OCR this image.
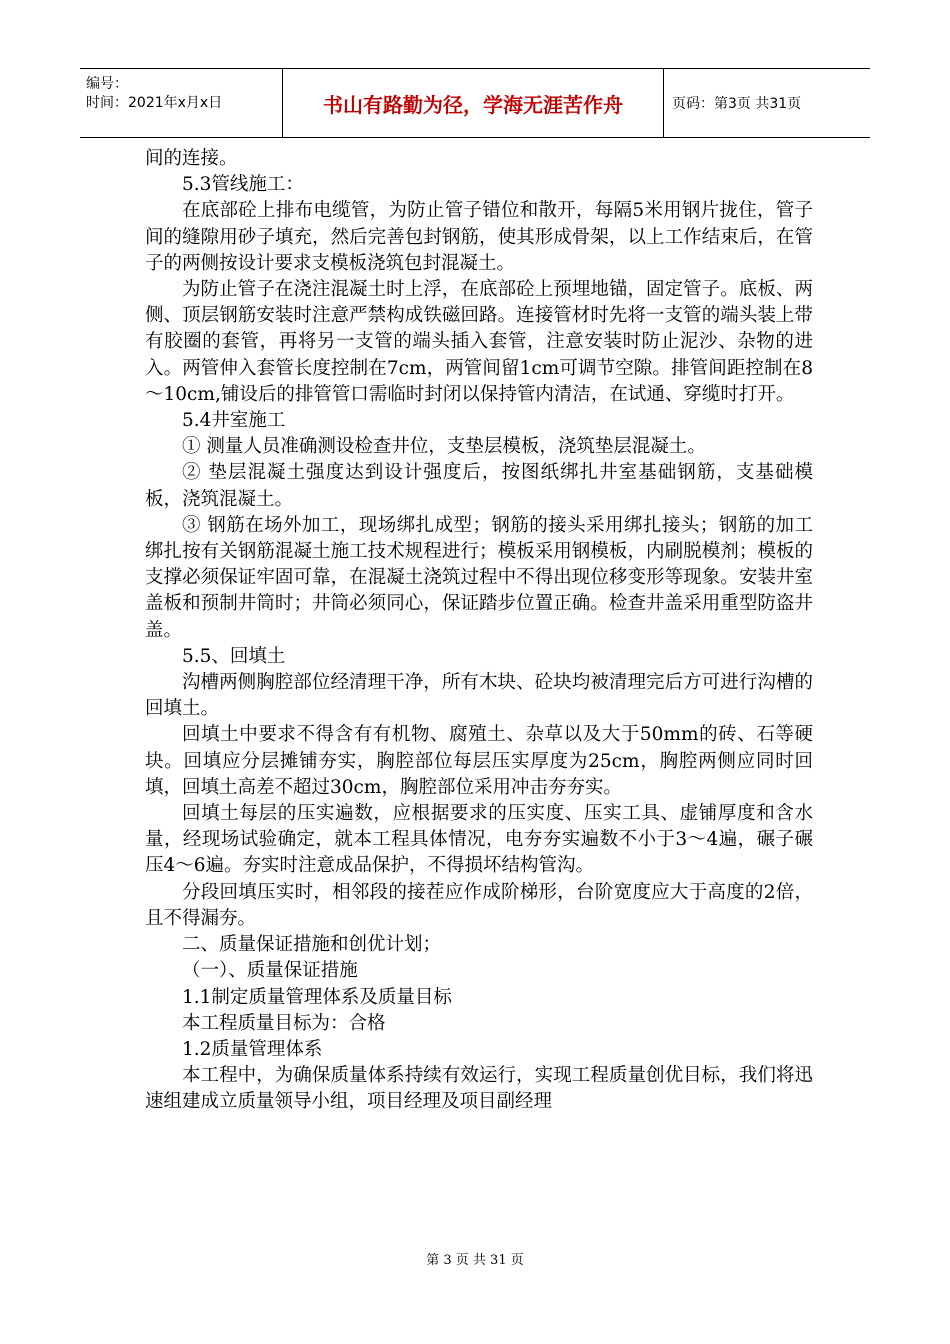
编号：
时间：2021年x月x日	书山有路勤为径，学海无涯苦作舟	页码：第3页 共31页

间的连接。

5.3管线施工：

在底部砼上排布电缆管，为防止管子错位和散开，每隔5米用钢片拢住，管子间的缝隙用砂子填充，然后完善包封钢筋，使其形成骨架，以上工作结束后，在管子的两侧按设计要求支模板浇筑包封混凝土。

为防止管子在浇注混凝土时上浮，在底部砼上预埋地锚，固定管子。底板、两侧、顶层钢筋安装时注意严禁构成铁磁回路。连接管材时先将一支管的端头装上带有胶圈的套管，再将另一支管的端头插入套管，注意安装时防止泥沙、杂物的进入。两管伸入套管长度控制在7cm，两管间留1cm可调节空隙。排管间距控制在8～10cm,铺设后的排管管口需临时封闭以保持管内清洁，在试通、穿缆时打开。

5.4井室施工

① 测量人员准确测设检查井位，支垫层模板，浇筑垫层混凝土。

② 垫层混凝土强度达到设计强度后，按图纸绑扎井室基础钢筋，支基础模板，浇筑混凝土。

③ 钢筋在场外加工，现场绑扎成型；钢筋的接头采用绑扎接头；钢筋的加工绑扎按有关钢筋混凝土施工技术规程进行；模板采用钢模板，内刷脱模剂；模板的支撑必须保证牢固可靠，在混凝土浇筑过程中不得出现位移变形等现象。安装井室盖板和预制井筒时；井筒必须同心，保证踏步位置正确。检查井盖采用重型防盗井盖。

5.5、回填土

沟槽两侧胸腔部位经清理干净，所有木块、砼块均被清理完后方可进行沟槽的回填土。

回填土中要求不得含有有机物、腐殖土、杂草以及大于50mm的砖、石等硬块。回填应分层摊铺夯实，胸腔部位每层压实厚度为25cm，胸腔两侧应同时回填，回填土高差不超过30cm，胸腔部位采用冲击夯夯实。

回填土每层的压实遍数，应根据要求的压实度、压实工具、虚铺厚度和含水量，经现场试验确定，就本工程具体情况，电夯夯实遍数不小于3～4遍，碾子碾压4～6遍。夯实时注意成品保护，不得损坏结构管沟。

分段回填压实时，相邻段的接茬应作成阶梯形，台阶宽度应大于高度的2倍，且不得漏夯。

二、质量保证措施和创优计划；

（一）、质量保证措施

1.1制定质量管理体系及质量目标

本工程质量目标为：合格

1.2质量管理体系

本工程中，为确保质量体系持续有效运行，实现工程质量创优目标，我们将迅速组建成立质量领导小组，项目经理及项目副经理

第 3 页 共 31 页
